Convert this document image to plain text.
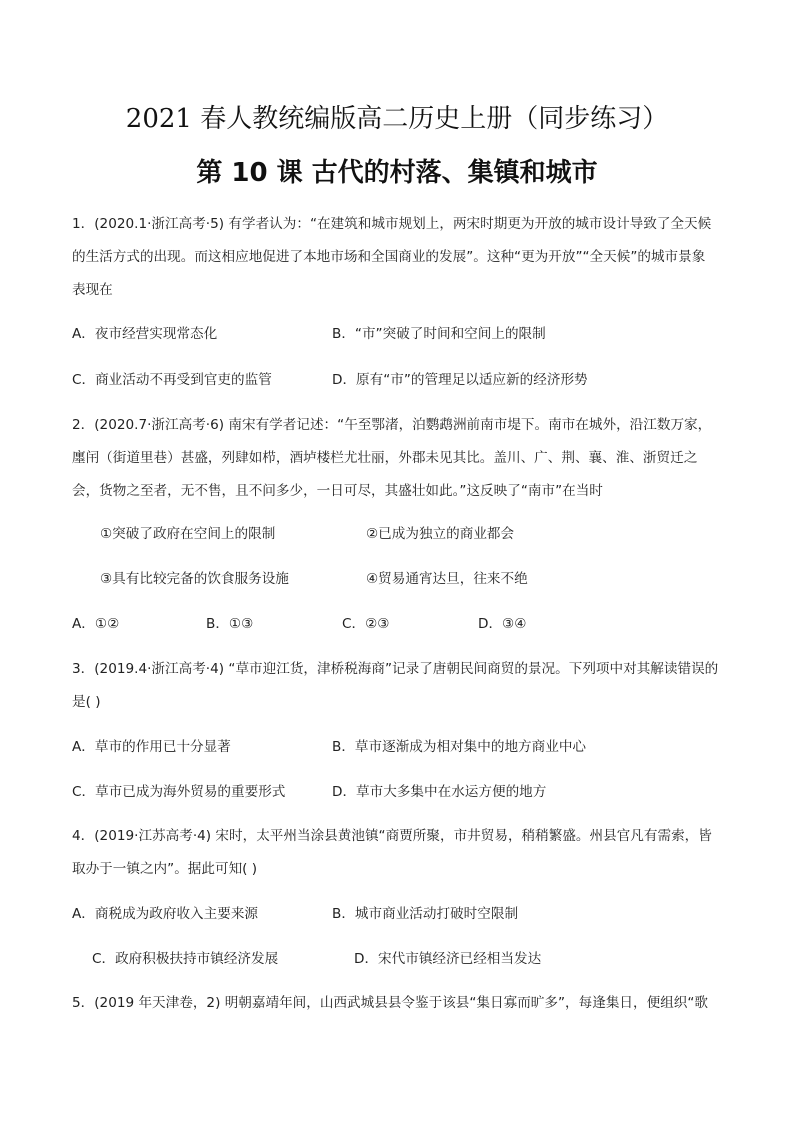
2021 春人教统编版高二历史上册（同步练习）
第 10 课 古代的村落、集镇和城市
1．(2020.1·浙江高考·5) 有学者认为：“在建筑和城市规划上，两宋时期更为开放的城市设计导致了全天候
的生活方式的出现。而这相应地促进了本地市场和全国商业的发展”。这种“更为开放”“全天候”的城市景象
表现在
A．夜市经营实现常态化	B．“市”突破了时间和空间上的限制
C．商业活动不再受到官吏的监管	D．原有“市”的管理足以适应新的经济形势
2．(2020.7·浙江高考·6) 南宋有学者记述：“午至鄂渚，泊鹦鹉洲前南市堤下。南市在城外，沿江数万家，
廛闬（街道里巷）甚盛，列肆如栉，酒垆楼栏尤壮丽，外郡未见其比。盖川、广、荆、襄、淮、浙贸迁之
会，货物之至者，无不售，且不问多少，一日可尽，其盛壮如此。”这反映了“南市”在当时
①突破了政府在空间上的限制	②已成为独立的商业都会
③具有比较完备的饮食服务设施	④贸易通宵达旦，往来不绝
A．①②	B．①③	C．②③	D．③④
3．(2019.4·浙江高考·4) “草市迎江货，津桥税海商”记录了唐朝民间商贸的景况。下列项中对其解读错误的
是( )
A．草市的作用已十分显著	B．草市逐渐成为相对集中的地方商业中心
C．草市已成为海外贸易的重要形式	D．草市大多集中在水运方便的地方
4．(2019·江苏高考·4) 宋时，太平州当涂县黄池镇“商贾所聚，市井贸易，稍稍繁盛。州县官凡有需索，皆
取办于一镇之内”。据此可知( )
A．商税成为政府收入主要来源	B．城市商业活动打破时空限制
C．政府积极扶持市镇经济发展	D．宋代市镇经济已经相当发达
5．(2019 年天津卷，2) 明朝嘉靖年间，山西武城县县令鉴于该县“集日寡而旷多”，每逢集日，便组织“歌
